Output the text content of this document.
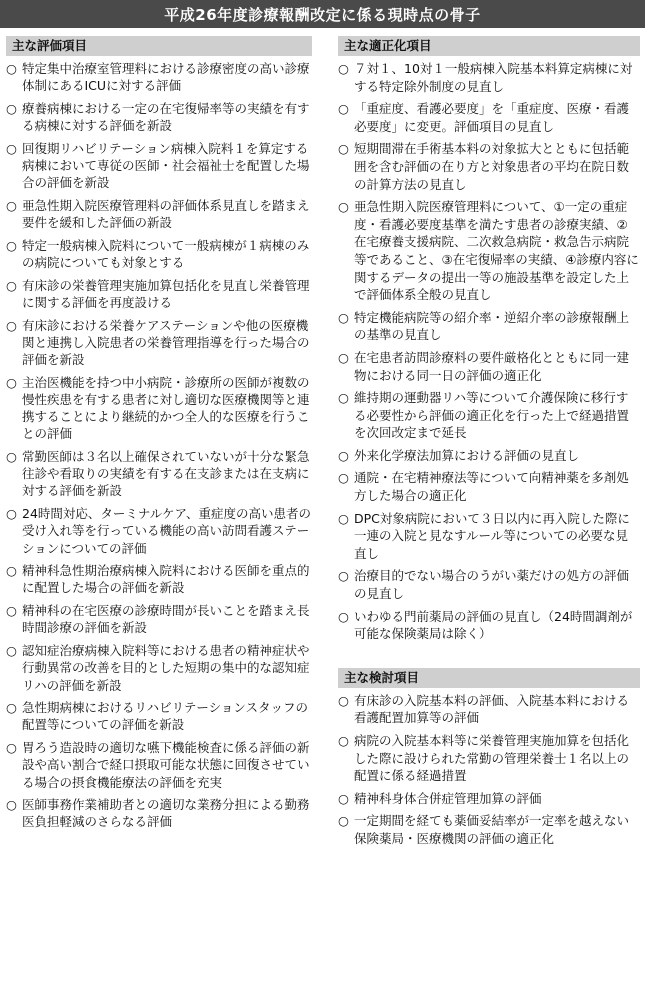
平成26年度診療報酬改定に係る現時点の骨子
主な評価項目
○ 特定集中治療室管理料における診療密度の高い診療体制にあるICUに対する評価
○ 療養病棟における一定の在宅復帰率等の実績を有する病棟に対する評価を新設
○ 回復期リハビリテーション病棟入院料１を算定する病棟において専従の医師・社会福祉士を配置した場合の評価を新設
○ 亜急性期入院医療管理料の評価体系見直しを踏まえ要件を緩和した評価の新設
○ 特定一般病棟入院料について一般病棟が１病棟のみの病院についても対象とする
○ 有床診の栄養管理実施加算包括化を見直し栄養管理に関する評価を再度設ける
○ 有床診における栄養ケアステーションや他の医療機関と連携し入院患者の栄養管理指導を行った場合の評価を新設
○ 主治医機能を持つ中小病院・診療所の医師が複数の慢性疾患を有する患者に対し適切な医療機関等と連携することにより継続的かつ全人的な医療を行うことの評価
○ 常勤医師は３名以上確保されていないが十分な緊急往診や看取りの実績を有する在支診または在支病に対する評価を新設
○ 24時間対応、ターミナルケア、重症度の高い患者の受け入れ等を行っている機能の高い訪問看護ステーションについての評価
○ 精神科急性期治療病棟入院料における医師を重点的に配置した場合の評価を新設
○ 精神科の在宅医療の診療時間が長いことを踏まえ長時間診療の評価を新設
○ 認知症治療病棟入院料等における患者の精神症状や行動異常の改善を目的とした短期の集中的な認知症リハの評価を新設
○ 急性期病棟におけるリハビリテーションスタッフの配置等についての評価を新設
○ 胃ろう造設時の適切な嚥下機能検査に係る評価の新設や高い割合で経口摂取可能な状態に回復させている場合の摂食機能療法の評価を充実
○ 医師事務作業補助者との適切な業務分担による勤務医負担軽減のさらなる評価
主な適正化項目
○ ７対１、10対１一般病棟入院基本料算定病棟に対する特定除外制度の見直し
○ 「重症度、看護必要度」を「重症度、医療・看護必要度」に変更。評価項目の見直し
○ 短期間滞在手術基本料の対象拡大とともに包括範囲を含む評価の在り方と対象患者の平均在院日数の計算方法の見直し
○ 亜急性期入院医療管理料について、①一定の重症度・看護必要度基準を満たす患者の診療実績、②在宅療養支援病院、二次救急病院・救急告示病院等であること、③在宅復帰率の実績、④診療内容に関するデータの提出一等の施設基準を設定した上で評価体系全般の見直し
○ 特定機能病院等の紹介率・逆紹介率の診療報酬上の基準の見直し
○ 在宅患者訪問診療料の要件厳格化とともに同一建物における同一日の評価の適正化
○ 維持期の運動器リハ等について介護保険に移行する必要性から評価の適正化を行った上で経過措置を次回改定まで延長
○ 外来化学療法加算における評価の見直し
○ 通院・在宅精神療法等について向精神薬を多剤処方した場合の適正化
○ DPC対象病院において３日以内に再入院した際に一連の入院と見なすルール等についての必要な見直し
○ 治療目的でない場合のうがい薬だけの処方の評価の見直し
○ いわゆる門前薬局の評価の見直し（24時間調剤が可能な保険薬局は除く）
主な検討項目
○ 有床診の入院基本料の評価、入院基本料における看護配置加算等の評価
○ 病院の入院基本料等に栄養管理実施加算を包括化した際に設けられた常勤の管理栄養士１名以上の配置に係る経過措置
○ 精神科身体合併症管理加算の評価
○ 一定期間を経ても薬価妥結率が一定率を越えない保険薬局・医療機関の評価の適正化
